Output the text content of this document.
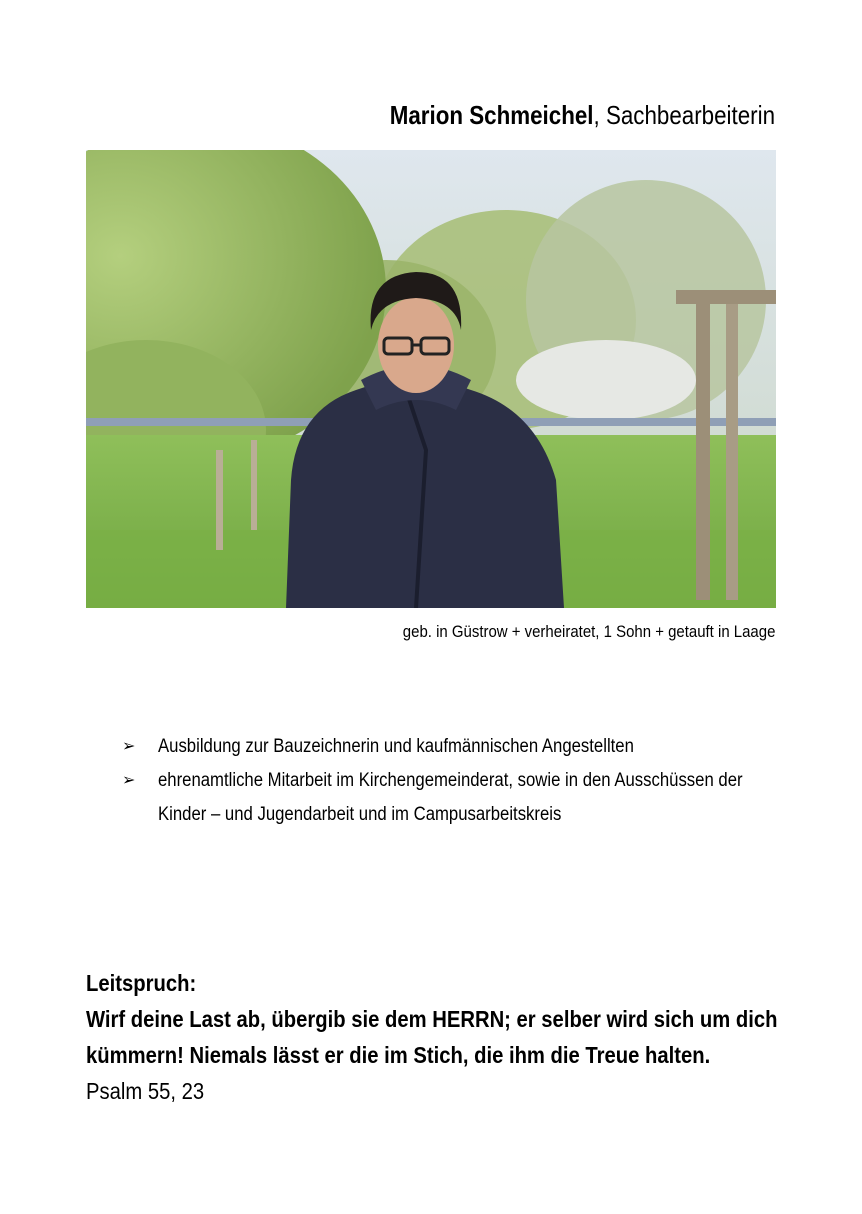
Marion Schmeichel, Sachbearbeiterin
geb. in Güstrow + verheiratet, 1 Sohn + getauft in Laage
➢ Ausbildung zur Bauzeichnerin und kaufmännischen Angestellten
➢ ehrenamtliche Mitarbeit im Kirchengemeinderat, sowie in den Ausschüssen der
Kinder – und Jugendarbeit und im Campusarbeitskreis
Leitspruch:
Wirf deine Last ab, übergib sie dem HERRN; er selber wird sich um dich
kümmern! Niemals lässt er die im Stich, die ihm die Treue halten.
Psalm 55, 23
